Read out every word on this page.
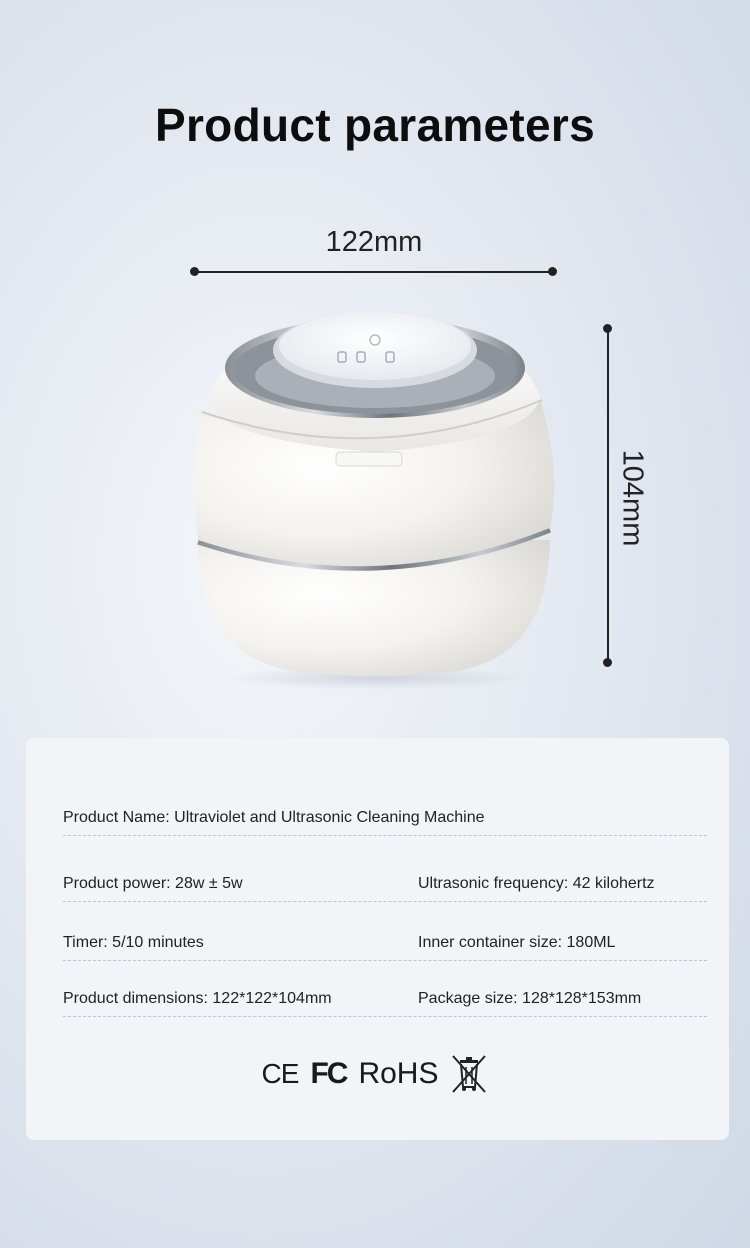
Product parameters
122mm
104mm
Product Name: Ultraviolet and Ultrasonic Cleaning Machine
Product power: 28w ± 5w	Ultrasonic frequency: 42 kilohertz
Timer: 5/10 minutes	Inner container size: 180ML
Product dimensions: 122*122*104mm	Package size: 128*128*153mm
CE FC RoHS
